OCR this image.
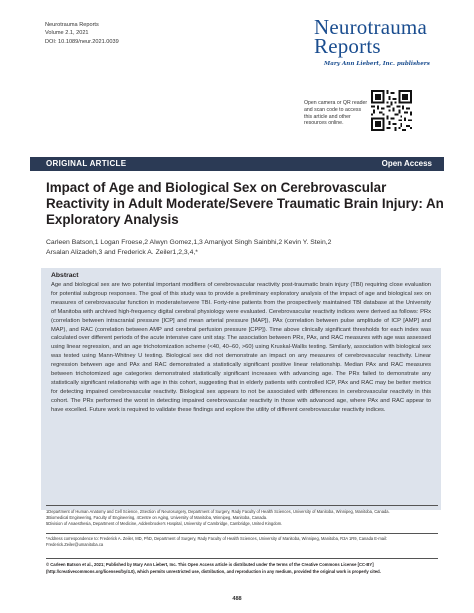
Neurotrauma Reports
Volume 2.1, 2021
DOI: 10.1089/neur.2021.0039
Neurotrauma
Reports
Mary Ann Liebert, Inc. publishers
Open camera or QR reader and scan code to access this article and other resources online.
ORIGINAL ARTICLE	Open Access
Impact of Age and Biological Sex on Cerebrovascular Reactivity in Adult Moderate/Severe Traumatic Brain Injury: An Exploratory Analysis
Carleen Batson,1 Logan Froese,2 Alwyn Gomez,1,3 Amanjyot Singh Sainbhi,2 Kevin Y. Stein,2
Arsalan Alizadeh,3 and Frederick A. Zeiler1,2,3,4,*
Abstract

Age and biological sex are two potential important modifiers of cerebrovascular reactivity post-traumatic brain injury (TBI) requiring close evaluation for potential subgroup responses. The goal of this study was to provide a preliminary exploratory analysis of the impact of age and biological sex on measures of cerebrovascular function in moderate/severe TBI. Forty-nine patients from the prospectively maintained TBI database at the University of Manitoba with archived high-frequency digital cerebral physiology were evaluated. Cerebrovascular reactivity indices were derived as follows: PRx (correlation between intracranial pressure [ICP] and mean arterial pressure [MAP]), PAx (correlation between pulse amplitude of ICP [AMP] and MAP), and RAC (correlation between AMP and cerebral perfusion pressure [CPP]). Time above clinically significant thresholds for each index was calculated over different periods of the acute intensive care unit stay. The association between PRx, PAx, and RAC measures with age was assessed using linear regression, and an age trichotomization scheme (<40, 40–60, >60) using Kruskal-Wallis testing. Similarly, association with biological sex was tested using Mann-Whitney U testing. Biological sex did not demonstrate an impact on any measures of cerebrovascular reactivity. Linear regression between age and PAx and RAC demonstrated a statistically significant positive linear relationship. Median PAx and RAC measures between trichotomized age categories demonstrated statistically significant increases with advancing age. The PRx failed to demonstrate any statistically significant relationship with age in this cohort, suggesting that in elderly patients with controlled ICP, PAx and RAC may be better metrics for detecting impaired cerebrovascular reactivity. Biological sex appears to not be associated with differences in cerebrovascular reactivity in this cohort. The PRx performed the worst in detecting impaired cerebrovascular reactivity in those with advanced age, where PAx and RAC appear to have excelled. Future work is required to validate these findings and explore the utility of different cerebrovascular reactivity indices.

1Department of Human Anatomy and Cell Science, 2Section of Neurosurgery, Department of Surgery, Rady Faculty of Health Sciences, University of Manitoba, Winnipeg, Manitoba, Canada.
3Biomedical Engineering, Faculty of Engineering, 4Centre on Aging, University of Manitoba, Winnipeg, Manitoba, Canada.
5Division of Anaesthesia, Department of Medicine, Addenbrooke's Hospital, University of Cambridge, Cambridge, United Kingdom.
*Address correspondence to: Frederick A. Zeiler, MD, PhD, Department of Surgery, Rady Faculty of Health Sciences, University of Manitoba, Winnipeg, Manitoba, R3A 1R9, Canada E-mail: Frederick.Zeiler@umanitoba.ca

© Carleen Batson et al., 2021; Published by Mary Ann Liebert, Inc. This Open Access article is distributed under the terms of the Creative Commons License [CC-BY] (http://creativecommons.org/licenses/by/4.0), which permits unrestricted use, distribution, and reproduction in any medium, provided the original work is properly cited.

488
